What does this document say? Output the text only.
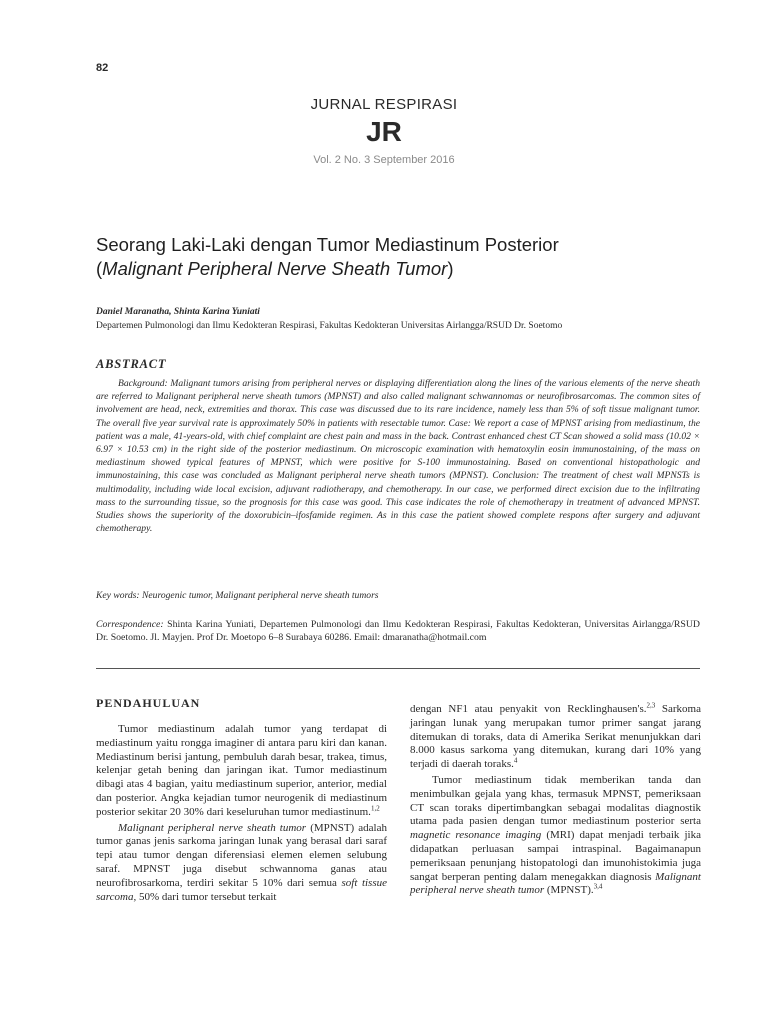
82
JURNAL RESPIRASI
JR
Vol. 2 No. 3 September 2016
Seorang Laki-Laki dengan Tumor Mediastinum Posterior
(Malignant Peripheral Nerve Sheath Tumor)
Daniel Maranatha, Shinta Karina Yuniati
Departemen Pulmonologi dan Ilmu Kedokteran Respirasi, Fakultas Kedokteran Universitas Airlangga/RSUD Dr. Soetomo
ABSTRACT

Background: Malignant tumors arising from peripheral nerves or displaying differentiation along the lines of the various elements of the nerve sheath are referred to Malignant peripheral nerve sheath tumors (MPNST) and also called malignant schwannomas or neurofibrosarcomas. The common sites of involvement are head, neck, extremities and thorax. This case was discussed due to its rare incidence, namely less than 5% of soft tissue malignant tumor. The overall five year survival rate is approximately 50% in patients with resectable tumor. Case: We report a case of MPNST arising from mediastinum, the patient was a male, 41-years-old, with chief complaint are chest pain and mass in the back. Contrast enhanced chest CT Scan showed a solid mass (10.02 × 6.97 × 10.53 cm) in the right side of the posterior mediastinum. On microscopic examination with hematoxylin eosin immunostaining, of the mass on mediastinum showed typical features of MPNST, which were positive for S-100 immunostaining. Based on conventional histopathologic and immunostaining, this case was concluded as Malignant peripheral nerve sheath tumors (MPNST). Conclusion: The treatment of chest wall MPNSTs is multimodality, including wide local excision, adjuvant radiotherapy, and chemotherapy. In our case, we performed direct excision due to the infiltrating mass to the surrounding tissue, so the prognosis for this case was good. This case indicates the role of chemotherapy in treatment of advanced MPNST. Studies shows the superiority of the doxorubicin–ifosfamide regimen. As in this case the patient showed complete respons after surgery and adjuvant chemotherapy.

Key words: Neurogenic tumor, Malignant peripheral nerve sheath tumors

Correspondence: Shinta Karina Yuniati, Departemen Pulmonologi dan Ilmu Kedokteran Respirasi, Fakultas Kedokteran, Universitas Airlangga/RSUD Dr. Soetomo. Jl. Mayjen. Prof Dr. Moetopo 6–8 Surabaya 60286. Email: dmaranatha@hotmail.com

PENDAHULUAN

Tumor mediastinum adalah tumor yang terdapat di mediastinum yaitu rongga imaginer di antara paru kiri dan kanan. Mediastinum berisi jantung, pembuluh darah besar, trakea, timus, kelenjar getah bening dan jaringan ikat. Tumor mediastinum dibagi atas 4 bagian, yaitu mediastinum superior, anterior, medial dan posterior. Angka kejadian tumor neurogenik di mediastinum posterior sekitar 20 30% dari keseluruhan tumor mediastinum.$^{1,2}$

Malignant peripheral nerve sheath tumor (MPNST) adalah tumor ganas jenis sarkoma jaringan lunak yang berasal dari saraf tepi atau tumor dengan diferensiasi elemen elemen selubung saraf. MPNST juga disebut schwannoma ganas atau neurofibrosarkoma, terdiri sekitar 5 10% dari semua soft tissue sarcoma, 50% dari tumor tersebut terkait

dengan NF1 atau penyakit von Recklinghausen's.$^{2,3}$ Sarkoma jaringan lunak yang merupakan tumor primer sangat jarang ditemukan di toraks, data di Amerika Serikat menunjukkan dari 8.000 kasus sarkoma yang ditemukan, kurang dari 10% yang terjadi di daerah toraks.$^4$

Tumor mediastinum tidak memberikan tanda dan menimbulkan gejala yang khas, termasuk MPNST, pemeriksaan CT scan toraks dipertimbangkan sebagai modalitas diagnostik utama pada pasien dengan tumor mediastinum posterior serta magnetic resonance imaging (MRI) dapat menjadi terbaik jika didapatkan perluasan sampai intraspinal. Bagaimanapun pemeriksaan penunjang histopatologi dan imunohistokimia juga sangat berperan penting dalam menegakkan diagnosis Malignant peripheral nerve sheath tumor (MPNST).$^{3,4}$
